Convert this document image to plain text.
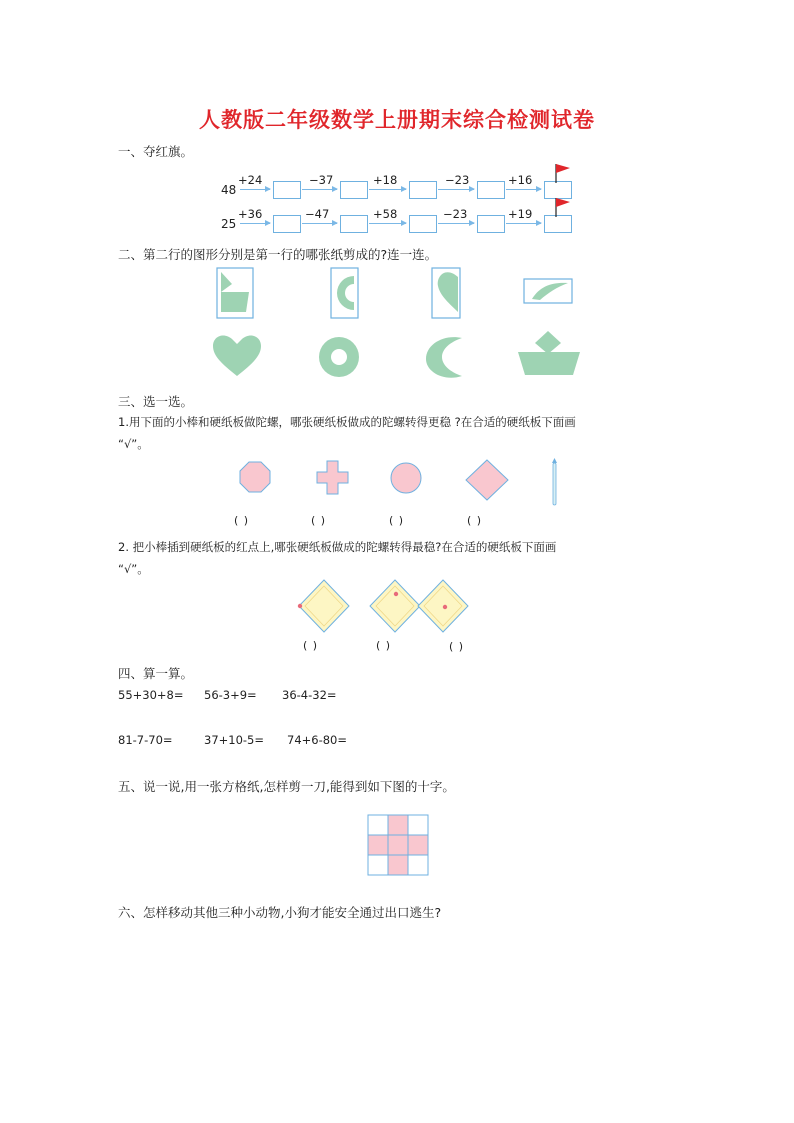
人教版二年级数学上册期末综合检测试卷
一、夺红旗。
48
+24	−37	+18	−23	+16
25
+36	−47	+58	−23	+19
二、第二行的图形分别是第一行的哪张纸剪成的?连一连。
三、选一选。
1.用下面的小棒和硬纸板做陀螺，哪张硬纸板做成的陀螺转得更稳 ?在合适的硬纸板下面画
“√”。
( )	( )	( )	( )
2. 把小棒插到硬纸板的红点上,哪张硬纸板做成的陀螺转得最稳?在合适的硬纸板下面画
“√”。
( )	( )	( )
四、算一算。
55+30+8= 56-3+9= 36-4-32=
81-7-70=	37+10-5= 74+6-80=
五、说一说,用一张方格纸,怎样剪一刀,能得到如下图的十字。
六、怎样移动其他三种小动物,小狗才能安全通过出口逃生?
